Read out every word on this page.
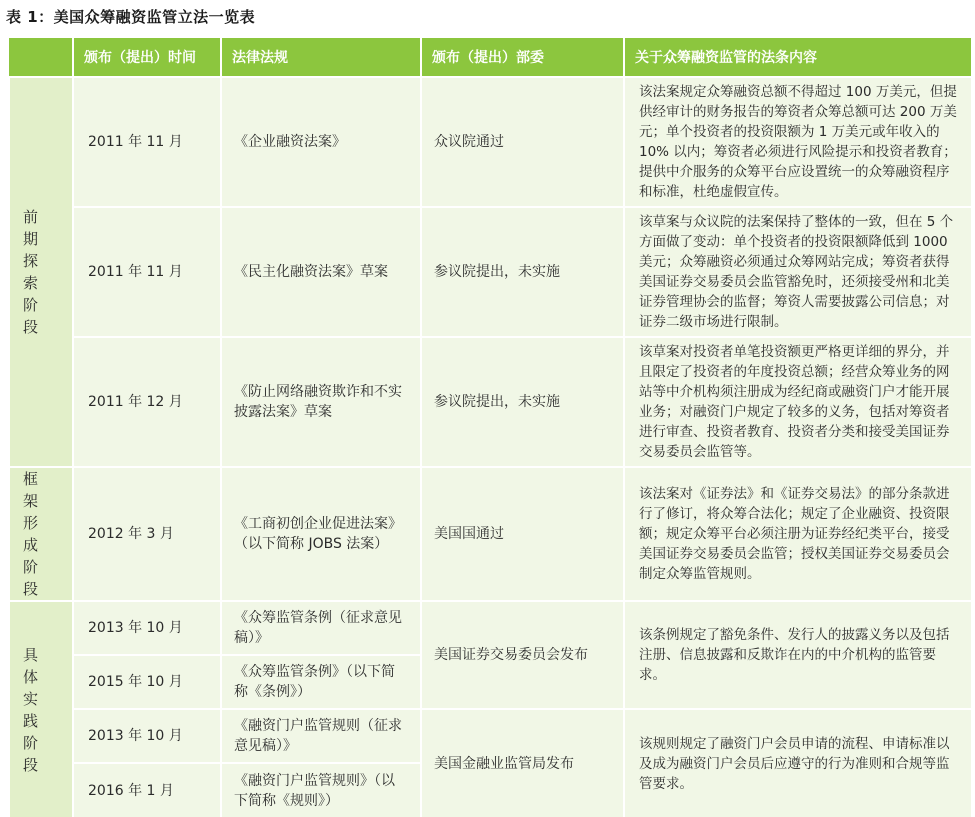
表 1：美国众筹融资监管立法一览表
	颁布（提出）时间	法律法规	颁布（提出）部委	关于众筹融资监管的法条内容
前期探索阶段	2011 年 11 月	《企业融资法案》	众议院通过	该法案规定众筹融资总额不得超过 100 万美元，但提供经审计的财务报告的筹资者众筹总额可达 200 万美元；单个投资者的投资限额为 1 万美元或年收入的 10% 以内；筹资者必须进行风险提示和投资者教育；提供中介服务的众筹平台应设置统一的众筹融资程序和标准，杜绝虚假宣传。
	2011 年 11 月	《民主化融资法案》草案	参议院提出，未实施	该草案与众议院的法案保持了整体的一致，但在 5 个方面做了变动：单个投资者的投资限额降低到 1000 美元；众筹融资必须通过众筹网站完成；筹资者获得美国证券交易委员会监管豁免时，还须接受州和北美证券管理协会的监督；筹资人需要披露公司信息；对证券二级市场进行限制。
	2011 年 12 月	《防止网络融资欺诈和不实披露法案》草案	参议院提出，未实施	该草案对投资者单笔投资额更严格更详细的界分，并且限定了投资者的年度投资总额；经营众筹业务的网站等中介机构须注册成为经纪商或融资门户才能开展业务；对融资门户规定了较多的义务，包括对筹资者进行审查、投资者教育、投资者分类和接受美国证券交易委员会监管等。
框架形成阶段	2012 年 3 月	《工商初创企业促进法案》（以下简称 JOBS 法案）	美国国通过	该法案对《证券法》和《证券交易法》的部分条款进行了修订，将众筹合法化；规定了企业融资、投资限额；规定众筹平台必须注册为证券经纪类平台，接受美国证券交易委员会监管；授权美国证券交易委员会制定众筹监管规则。
具体实践阶段	2013 年 10 月	《众筹监管条例（征求意见稿）》	美国证券交易委员会发布	该条例规定了豁免条件、发行人的披露义务以及包括注册、信息披露和反欺诈在内的中介机构的监管要求。
	2015 年 10 月	《众筹监管条例》（以下简称《条例》）		
	2013 年 10 月	《融资门户监管规则（征求意见稿）》	美国金融业监管局发布	该规则规定了融资门户会员申请的流程、申请标准以及成为融资门户会员后应遵守的行为准则和合规等监管要求。
	2016 年 1 月	《融资门户监管规则》（以下简称《规则》）		
